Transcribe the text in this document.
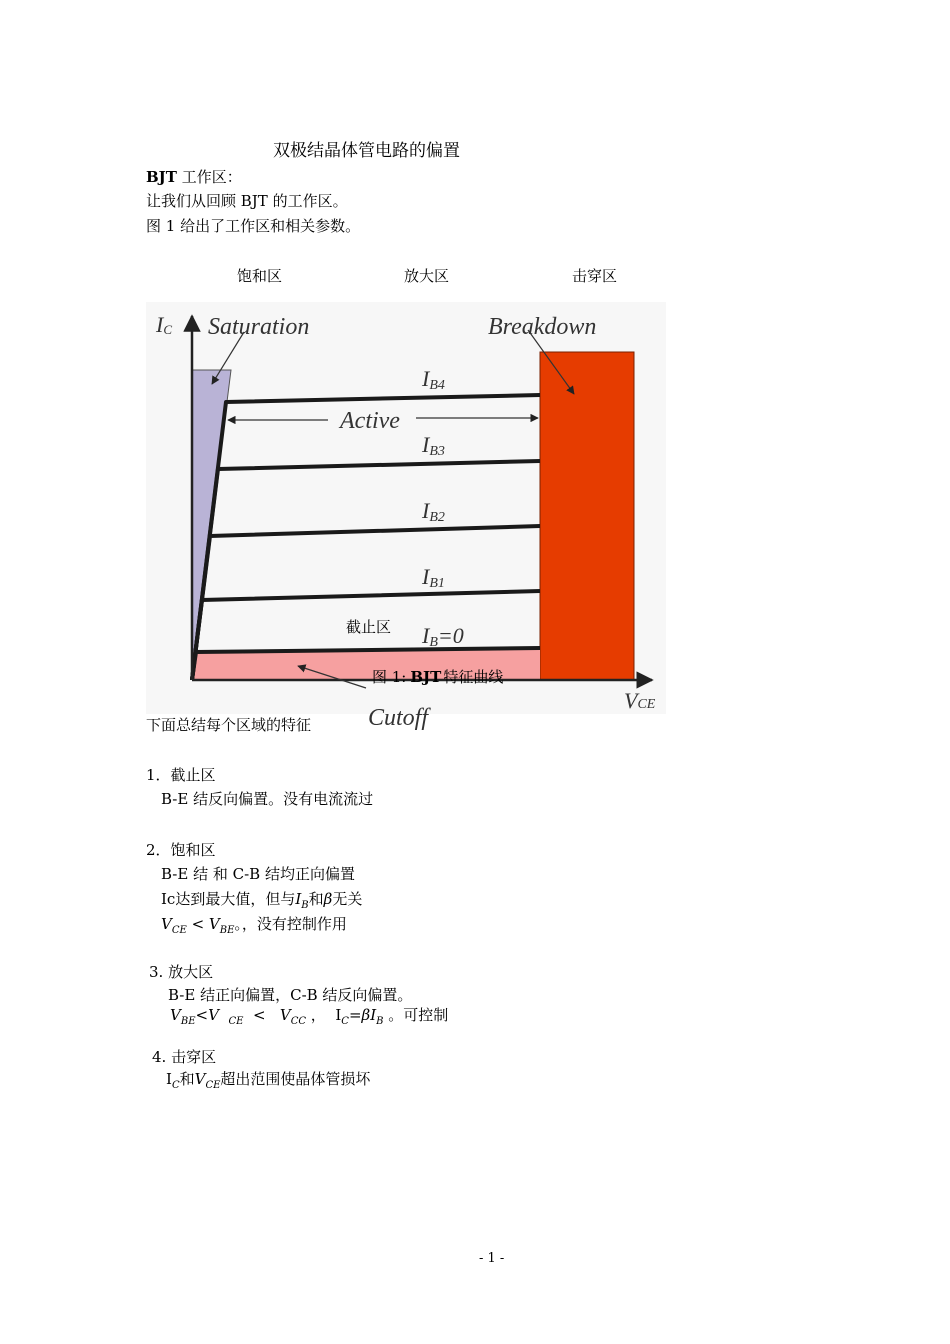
双极结晶体管电路的偏置
BJT 工作区：
让我们从回顾 BJT 的工作区。
图 1 给出了工作区和相关参数。
饱和区	放大区	击穿区
IC
VCE
Saturation	Breakdown
Active
Cutoff
IB4
IB3
IB2
IB1
IB=0
截止区
图 1: BJT 特征曲线
下面总结每个区域的特征
1．截止区
B-E 结反向偏置。没有电流流过
2．饱和区
B-E 结 和 C-B 结均正向偏置
Ic达到最大值，但与$I_B$和β无关
$V_{CE} < V_{BE}$。，没有控制作用
3. 放大区
B-E 结正向偏置，C-B 结反向偏置。
$V_{BE}<V$ $_{CE} < V_{CC}$ ， $I_C=\beta I_B$ 。可控制
4. 击穿区
$I_C$和$V_{CE}$超出范围使晶体管损坏
- 1 -
